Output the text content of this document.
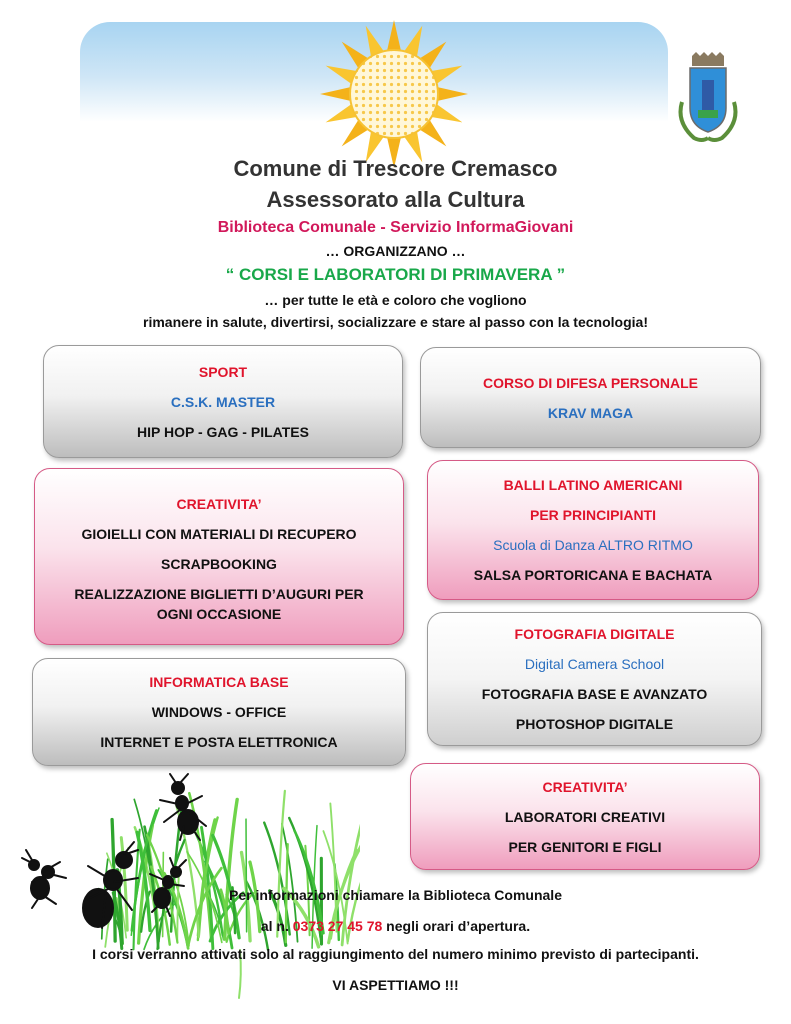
Comune di Trescore Cremasco
Assessorato alla Cultura
Biblioteca Comunale - Servizio InformaGiovani
… ORGANIZZANO …
“ CORSI E LABORATORI DI PRIMAVERA ”
… per tutte le età e coloro che vogliono
rimanere in salute, divertirsi, socializzare e stare al passo con la tecnologia!
SPORT
C.S.K. MASTER
HIP HOP - GAG - PILATES
CORSO DI DIFESA PERSONALE
KRAV MAGA
CREATIVITA’
GIOIELLI CON MATERIALI DI RECUPERO
SCRAPBOOKING
REALIZZAZIONE BIGLIETTI D’AUGURI PER
OGNI OCCASIONE
BALLI LATINO AMERICANI
PER PRINCIPIANTI
Scuola di Danza ALTRO RITMO
SALSA PORTORICANA E BACHATA
INFORMATICA BASE
WINDOWS - OFFICE
INTERNET E POSTA ELETTRONICA
FOTOGRAFIA DIGITALE
Digital Camera School
FOTOGRAFIA BASE E AVANZATO
PHOTOSHOP DIGITALE
CREATIVITA’
LABORATORI CREATIVI
PER GENITORI E FIGLI
Per informazioni chiamare la Biblioteca Comunale
al n. 0373 27 45 78 negli orari d’apertura.
I corsi verranno attivati solo al raggiungimento del numero minimo previsto di partecipanti.
VI ASPETTIAMO !!!
